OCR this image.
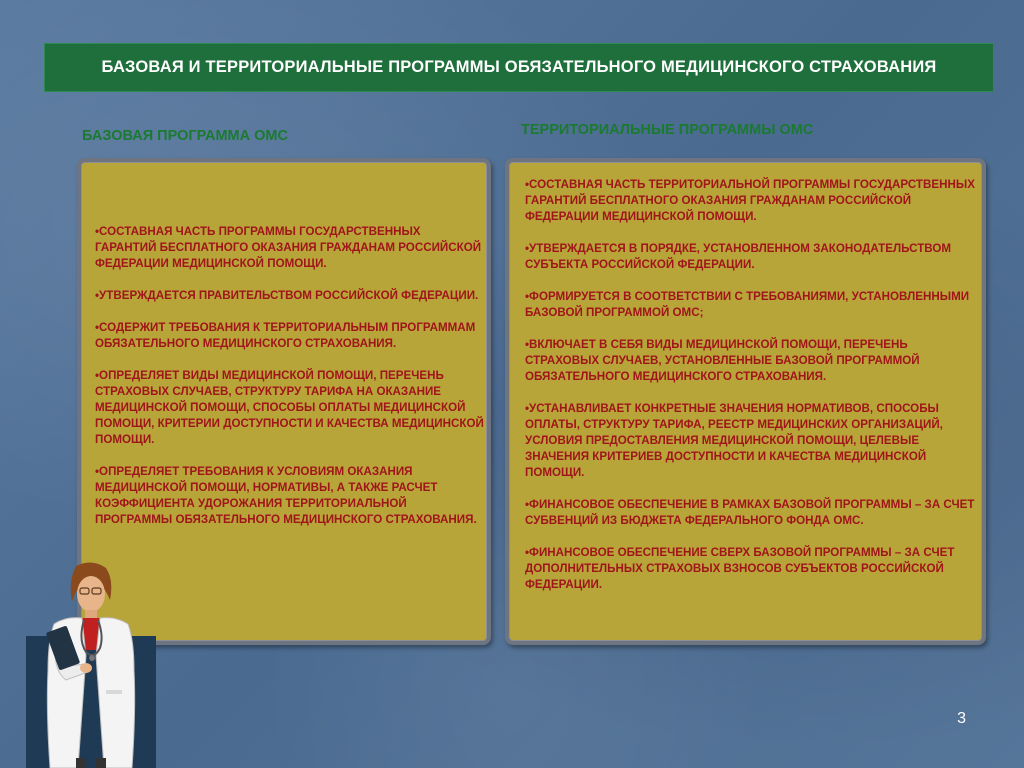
БАЗОВАЯ И ТЕРРИТОРИАЛЬНЫЕ ПРОГРАММЫ ОБЯЗАТЕЛЬНОГО МЕДИЦИНСКОГО СТРАХОВАНИЯ
БАЗОВАЯ ПРОГРАММА ОМС	ТЕРРИТОРИАЛЬНЫЕ ПРОГРАММЫ ОМС
•СОСТАВНАЯ ЧАСТЬ ПРОГРАММЫ ГОСУДАРСТВЕННЫХ ГАРАНТИЙ БЕСПЛАТНОГО ОКАЗАНИЯ ГРАЖДАНАМ РОССИЙСКОЙ ФЕДЕРАЦИИ МЕДИЦИНСКОЙ ПОМОЩИ.
•УТВЕРЖДАЕТСЯ ПРАВИТЕЛЬСТВОМ РОССИЙСКОЙ ФЕДЕРАЦИИ.
•СОДЕРЖИТ ТРЕБОВАНИЯ К ТЕРРИТОРИАЛЬНЫМ ПРОГРАММАМ ОБЯЗАТЕЛЬНОГО МЕДИЦИНСКОГО СТРАХОВАНИЯ.
•ОПРЕДЕЛЯЕТ ВИДЫ МЕДИЦИНСКОЙ ПОМОЩИ, ПЕРЕЧЕНЬ СТРАХОВЫХ СЛУЧАЕВ, СТРУКТУРУ ТАРИФА НА ОКАЗАНИЕ МЕДИЦИНСКОЙ ПОМОЩИ, СПОСОБЫ ОПЛАТЫ МЕДИЦИНСКОЙ ПОМОЩИ, КРИТЕРИИ ДОСТУПНОСТИ И КАЧЕСТВА МЕДИЦИНСКОЙ ПОМОЩИ.
•ОПРЕДЕЛЯЕТ ТРЕБОВАНИЯ К УСЛОВИЯМ ОКАЗАНИЯ МЕДИЦИНСКОЙ ПОМОЩИ, НОРМАТИВЫ, А ТАКЖЕ РАСЧЕТ КОЭФФИЦИЕНТА УДОРОЖАНИЯ ТЕРРИТОРИАЛЬНОЙ ПРОГРАММЫ ОБЯЗАТЕЛЬНОГО МЕДИЦИНСКОГО СТРАХОВАНИЯ.
•СОСТАВНАЯ ЧАСТЬ ТЕРРИТОРИАЛЬНОЙ ПРОГРАММЫ ГОСУДАРСТВЕННЫХ ГАРАНТИЙ БЕСПЛАТНОГО ОКАЗАНИЯ ГРАЖДАНАМ РОССИЙСКОЙ ФЕДЕРАЦИИ МЕДИЦИНСКОЙ ПОМОЩИ.
•УТВЕРЖДАЕТСЯ В ПОРЯДКЕ, УСТАНОВЛЕННОМ ЗАКОНОДАТЕЛЬСТВОМ СУБЪЕКТА РОССИЙСКОЙ ФЕДЕРАЦИИ.
•ФОРМИРУЕТСЯ В СООТВЕТСТВИИ С ТРЕБОВАНИЯМИ, УСТАНОВЛЕННЫМИ БАЗОВОЙ ПРОГРАММОЙ ОМС;
•ВКЛЮЧАЕТ В СЕБЯ ВИДЫ МЕДИЦИНСКОЙ ПОМОЩИ, ПЕРЕЧЕНЬ СТРАХОВЫХ СЛУЧАЕВ, УСТАНОВЛЕННЫЕ БАЗОВОЙ ПРОГРАММОЙ ОБЯЗАТЕЛЬНОГО МЕДИЦИНСКОГО СТРАХОВАНИЯ.
•УСТАНАВЛИВАЕТ КОНКРЕТНЫЕ ЗНАЧЕНИЯ НОРМАТИВОВ, СПОСОБЫ ОПЛАТЫ, СТРУКТУРУ ТАРИФА, РЕЕСТР МЕДИЦИНСКИХ ОРГАНИЗАЦИЙ, УСЛОВИЯ ПРЕДОСТАВЛЕНИЯ МЕДИЦИНСКОЙ ПОМОЩИ, ЦЕЛЕВЫЕ ЗНАЧЕНИЯ КРИТЕРИЕВ ДОСТУПНОСТИ И КАЧЕСТВА МЕДИЦИНСКОЙ ПОМОЩИ.
•ФИНАНСОВОЕ ОБЕСПЕЧЕНИЕ В РАМКАХ БАЗОВОЙ ПРОГРАММЫ – ЗА СЧЕТ СУБВЕНЦИЙ ИЗ БЮДЖЕТА ФЕДЕРАЛЬНОГО ФОНДА ОМС.
•ФИНАНСОВОЕ ОБЕСПЕЧЕНИЕ СВЕРХ БАЗОВОЙ ПРОГРАММЫ – ЗА СЧЕТ ДОПОЛНИТЕЛЬНЫХ СТРАХОВЫХ ВЗНОСОВ СУБЪЕКТОВ РОССИЙСКОЙ ФЕДЕРАЦИИ.
3
